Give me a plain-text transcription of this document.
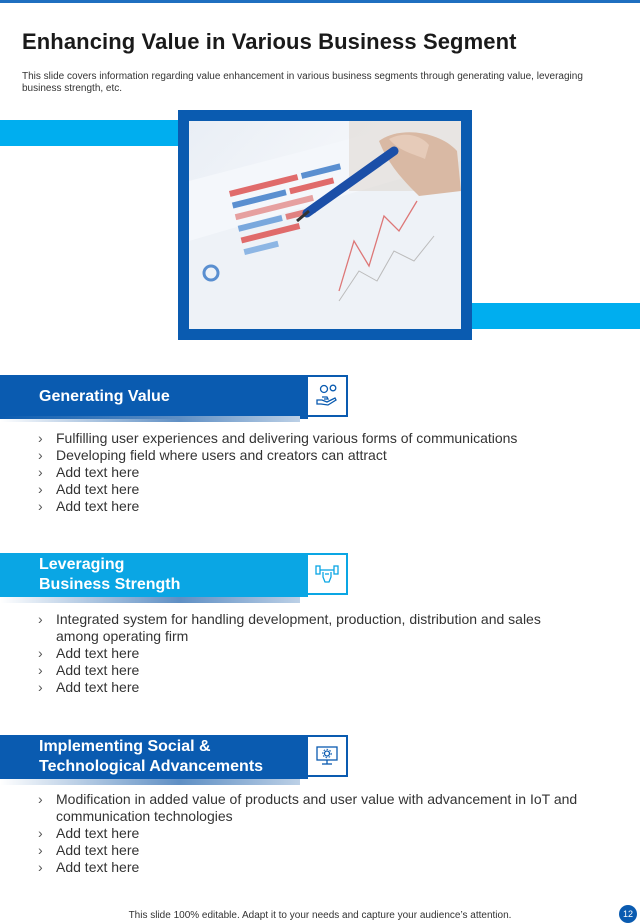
Enhancing Value in Various Business Segment
This slide covers information regarding value enhancement in various business segments through generating value, leveraging business strength, etc.
Generating Value
› Fulfilling user experiences and delivering various forms of communications
› Developing field where users and creators can attract
› Add text here
› Add text here
› Add text here
Leveraging
Business Strength
› Integrated system for handling development, production, distribution and sales among operating firm
› Add text here
› Add text here
› Add text here
Implementing Social &
Technological Advancements
› Modification in added value of products and user value with advancement in IoT and communication technologies
› Add text here
› Add text here
› Add text here
This slide 100% editable. Adapt it to your needs and capture your audience’s attention.	12
